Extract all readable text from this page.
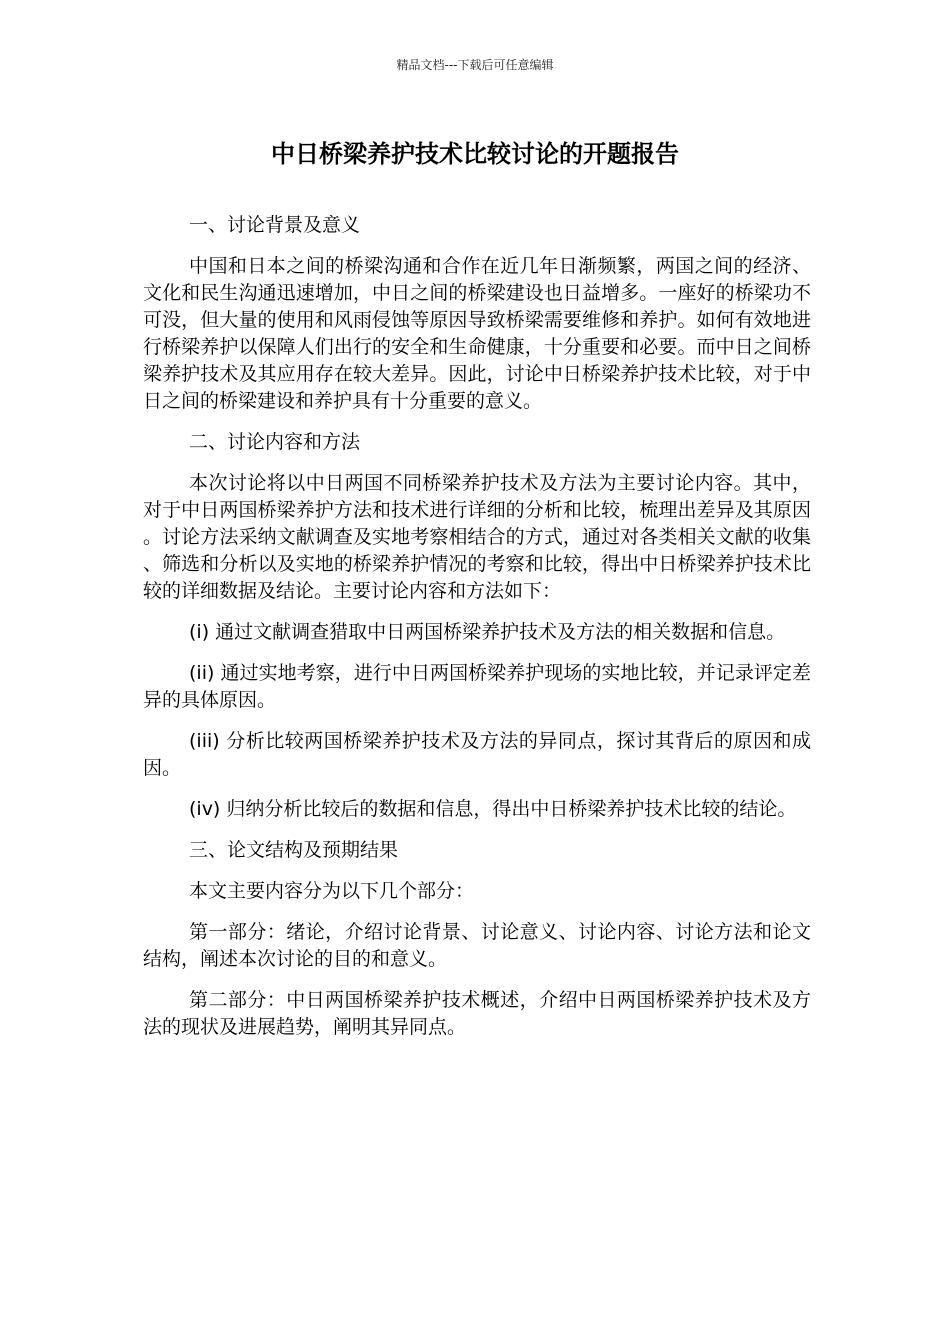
精品文档---下载后可任意编辑
中日桥梁养护技术比较讨论的开题报告

一、讨论背景及意义

中国和日本之间的桥梁沟通和合作在近几年日渐频繁，两国之间的经济、文化和民生沟通迅速增加，中日之间的桥梁建设也日益增多。一座好的桥梁功不可没，但大量的使用和风雨侵蚀等原因导致桥梁需要维修和养护。如何有效地进行桥梁养护以保障人们出行的安全和生命健康，十分重要和必要。而中日之间桥梁养护技术及其应用存在较大差异。因此，讨论中日桥梁养护技术比较，对于中日之间的桥梁建设和养护具有十分重要的意义。

二、讨论内容和方法

本次讨论将以中日两国不同桥梁养护技术及方法为主要讨论内容。其中，对于中日两国桥梁养护方法和技术进行详细的分析和比较，梳理出差异及其原因。讨论方法采纳文献调查及实地考察相结合的方式，通过对各类相关文献的收集、筛选和分析以及实地的桥梁养护情况的考察和比较，得出中日桥梁养护技术比较的详细数据及结论。主要讨论内容和方法如下：

(i) 通过文献调查猎取中日两国桥梁养护技术及方法的相关数据和信息。

(ii) 通过实地考察，进行中日两国桥梁养护现场的实地比较，并记录评定差异的具体原因。

(iii) 分析比较两国桥梁养护技术及方法的异同点，探讨其背后的原因和成因。

(iv) 归纳分析比较后的数据和信息，得出中日桥梁养护技术比较的结论。

三、论文结构及预期结果

本文主要内容分为以下几个部分：

第一部分：绪论，介绍讨论背景、讨论意义、讨论内容、讨论方法和论文结构，阐述本次讨论的目的和意义。

第二部分：中日两国桥梁养护技术概述，介绍中日两国桥梁养护技术及方法的现状及进展趋势，阐明其异同点。
